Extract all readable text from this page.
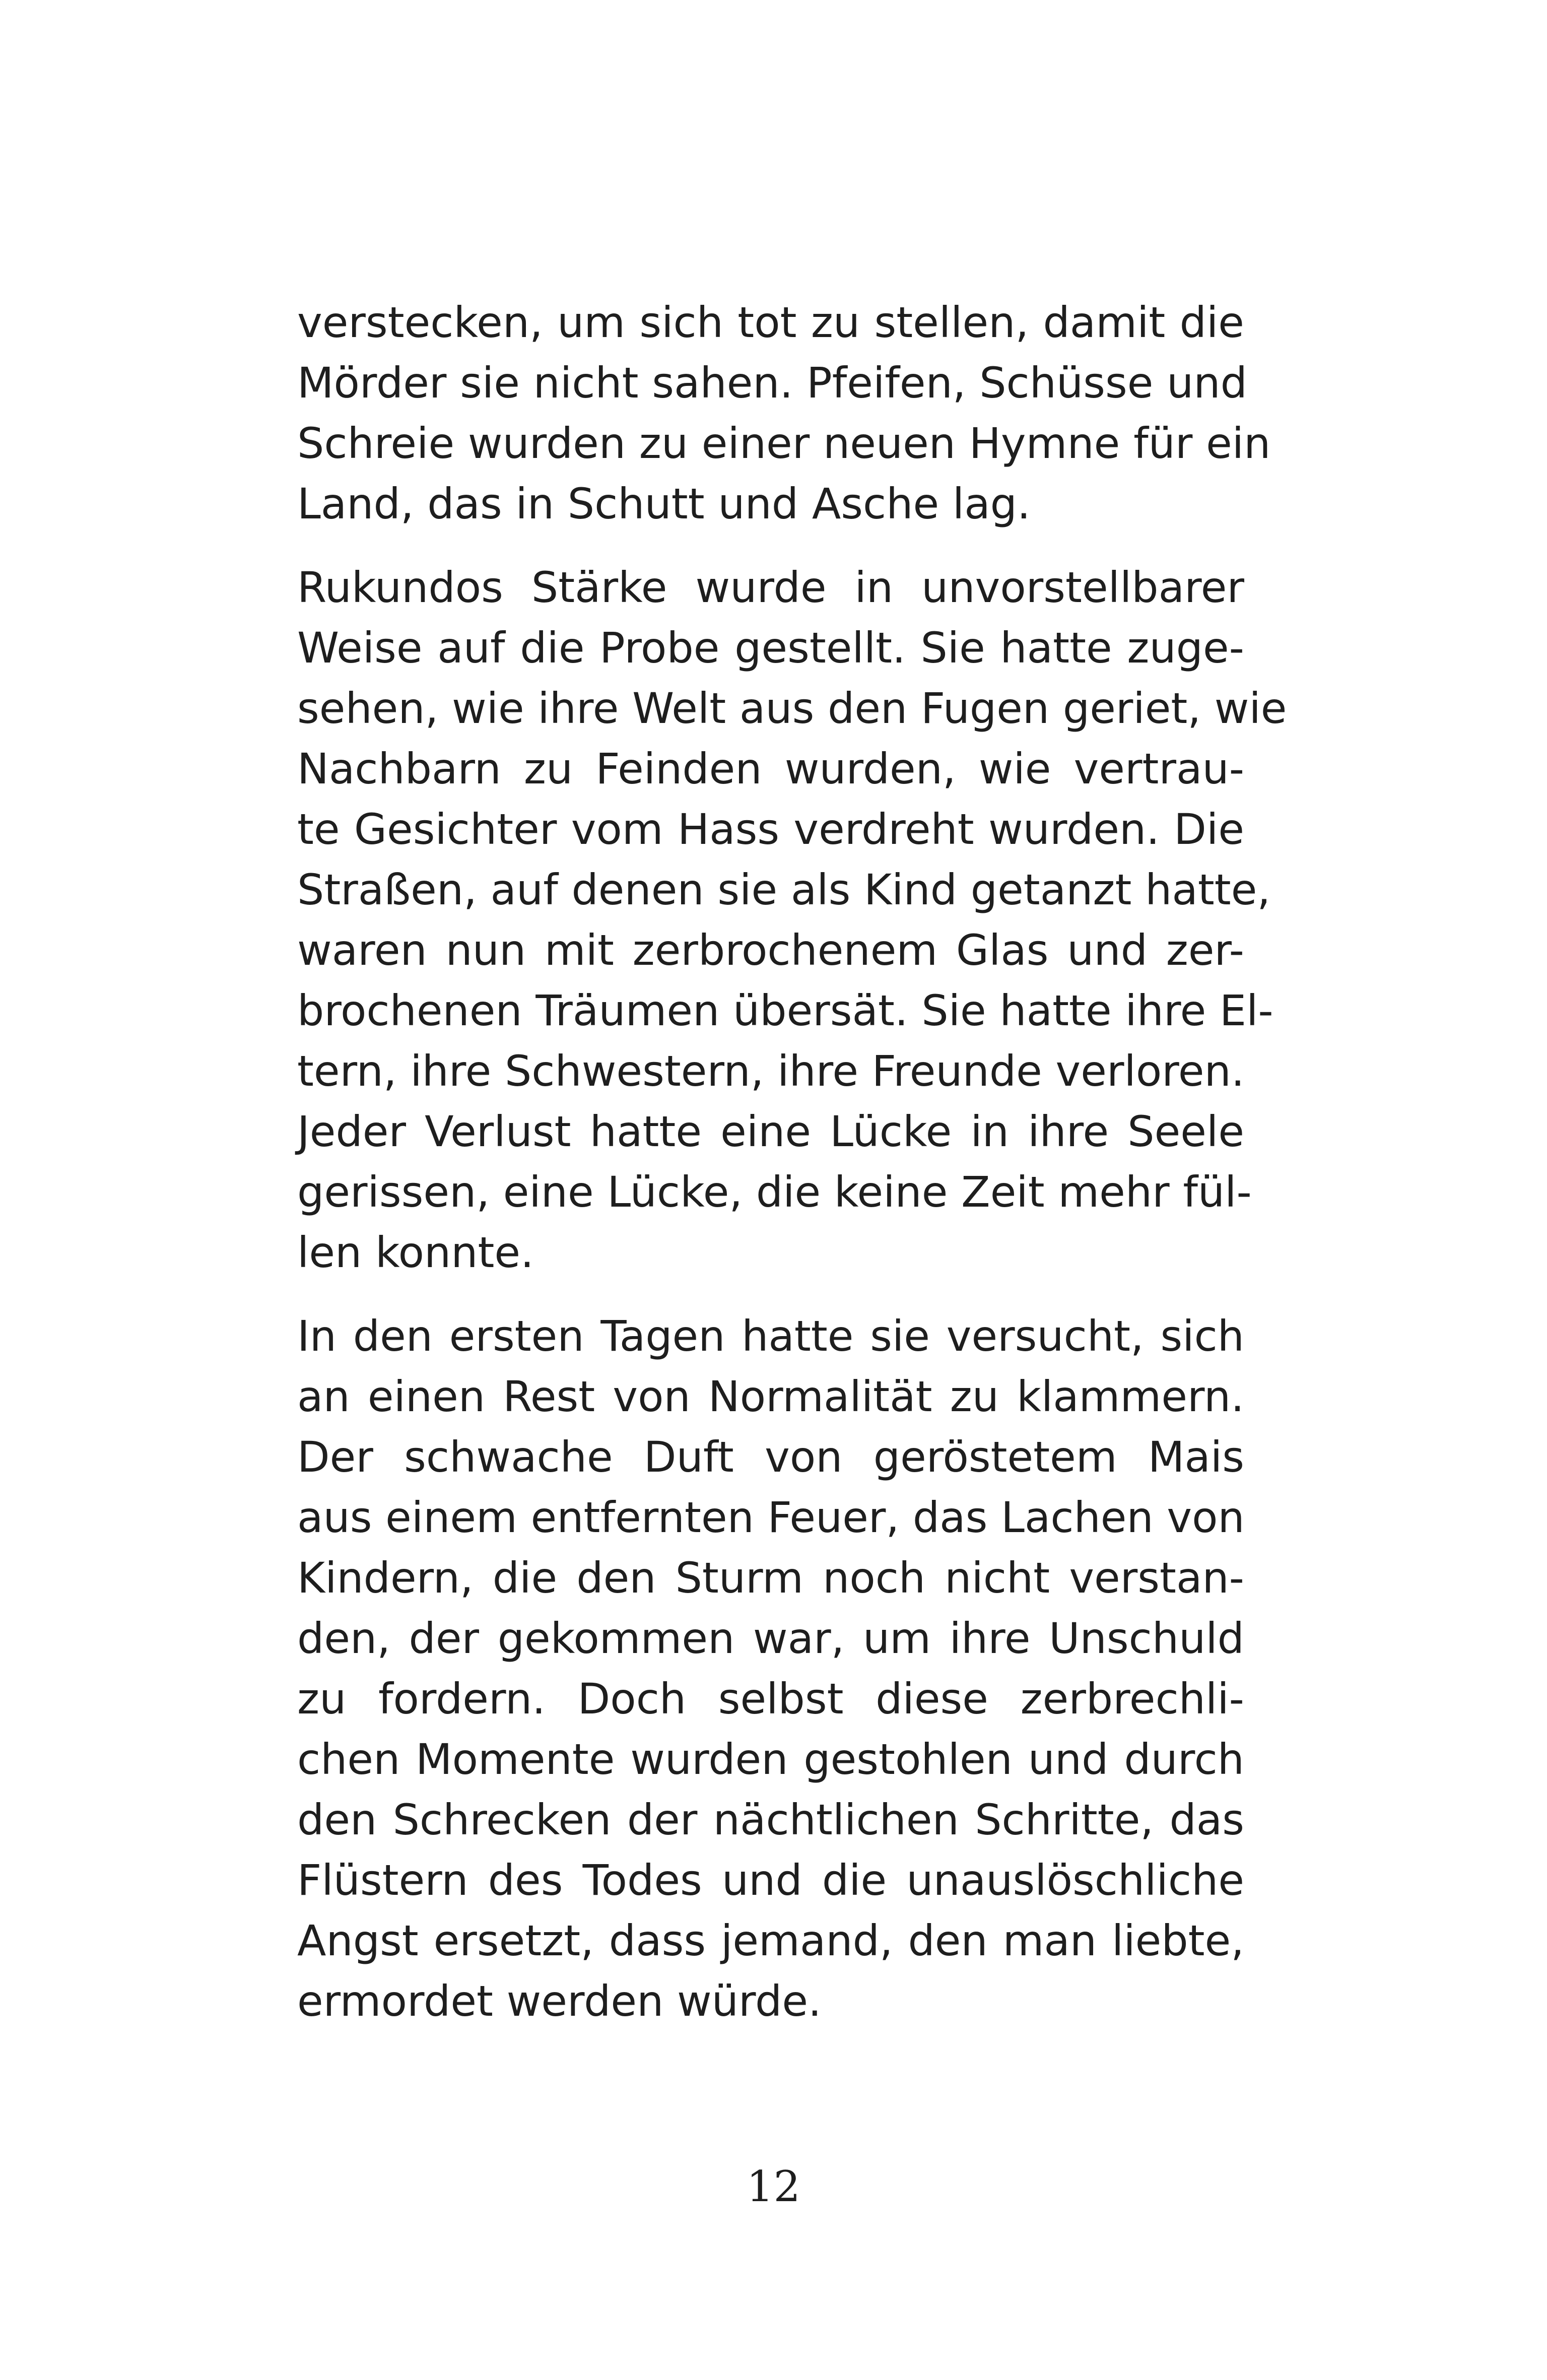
verstecken, um sich tot zu stellen, damit die
Mörder sie nicht sahen. Pfeifen, Schüsse und
Schreie wurden zu einer neuen Hymne für ein
Land, das in Schutt und Asche lag.

Rukundos Stärke wurde in unvorstellbarer
Weise auf die Probe gestellt. Sie hatte zuge-
sehen, wie ihre Welt aus den Fugen geriet, wie
Nachbarn zu Feinden wurden, wie vertrau-
te Gesichter vom Hass verdreht wurden. Die
Straßen, auf denen sie als Kind getanzt hatte,
waren nun mit zerbrochenem Glas und zer-
brochenen Träumen übersät. Sie hatte ihre El-
tern, ihre Schwestern, ihre Freunde verloren.
Jeder Verlust hatte eine Lücke in ihre Seele
gerissen, eine Lücke, die keine Zeit mehr fül-
len konnte.

In den ersten Tagen hatte sie versucht, sich
an einen Rest von Normalität zu klammern.
Der schwache Duft von geröstetem Mais
aus einem entfernten Feuer, das Lachen von
Kindern, die den Sturm noch nicht verstan-
den, der gekommen war, um ihre Unschuld
zu fordern. Doch selbst diese zerbrechli-
chen Momente wurden gestohlen und durch
den Schrecken der nächtlichen Schritte, das
Flüstern des Todes und die unauslöschliche
Angst ersetzt, dass jemand, den man liebte,
ermordet werden würde.

12
